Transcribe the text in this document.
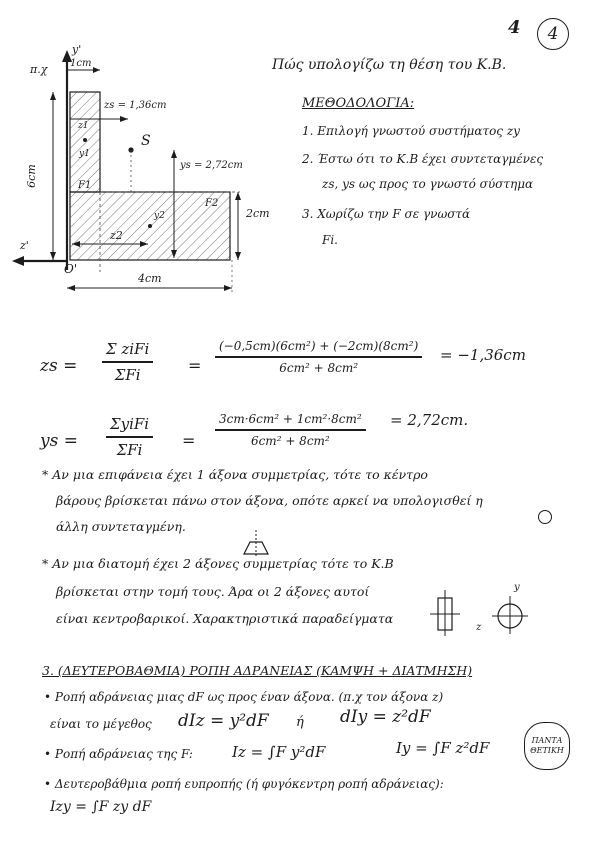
4 4
Πώς υπολογίζω τη θέση του Κ.Β.
ΜΕΘΟΔΟΛΟΓΙΑ:
1. Επιλογή γνωστού συστήματος zy
2. Έστω ότι το Κ.Β έχει συντεταγμένες
zs, ys ως προς το γνωστό σύστημα
3. Χωρίζω την F σε γνωστά
Fi.
π.χ
y'
1cm
zs = 1,36cm
z1
y1
S
ys = 2,72cm
6cm	F1
F2
z2
y2	2cm
z'
O'
4cm
zs =
Σ ziFi
ΣFi	=
(−0,5cm)(6cm²) + (−2cm)(8cm²)
6cm² + 8cm²
= −1,36cm
ys =
ΣyiFi
ΣFi =
3cm·6cm² + 1cm²·8cm²
6cm² + 8cm²
= 2,72cm.
* Αν μια επιφάνεια έχει 1 άξονα συμμετρίας, τότε το κέντρο
βάρους βρίσκεται πάνω στον άξονα, οπότε αρκεί να υπολογισθεί η
άλλη συντεταγμένη.
* Αν μια διατομή έχει 2 άξονες συμμετρίας τότε το Κ.Β
βρίσκεται στην τομή τους. Άρα οι 2 άξονες αυτοί
είναι κεντροβαρικοί. Χαρακτηριστικά παραδείγματα
y
z
3. (ΔΕΥΤΕΡΟΒΑΘΜΙΑ) ΡΟΠΗ ΑΔΡΑΝΕΙΑΣ (ΚΑΜΨΗ + ΔΙΑΤΜΗΣΗ)
• Ροπή αδράνειας μιας dF ως προς έναν άξονα. (π.χ τον άξονα z)
είναι το μέγεθος dIz = y²dF ή dIy = z²dF
• Ροπή αδράνειας της F:	Iz = ∫F y²dF	Iy = ∫F z²dF	ΠΑΝΤΑ ΘΕΤΙΚΗ
• Δευτεροβάθμια ροπή ευπροπής (ή φυγόκεντρη ροπή αδράνειας):
Izy = ∫F zy dF
